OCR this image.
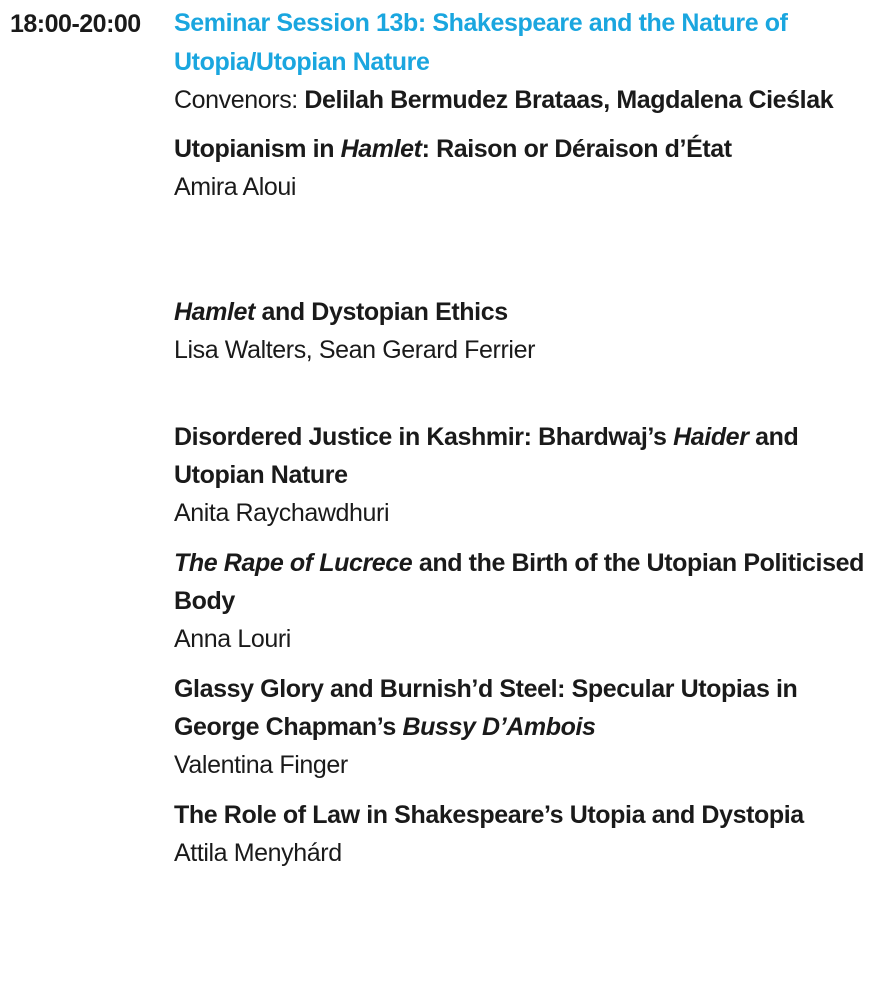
18:00-20:00 Seminar Session 13b: Shakespeare and the Nature of Utopia/Utopian Nature
Convenors: Delilah Bermudez Brataas, Magdalena Cieślak
Utopianism in Hamlet: Raison or Déraison d’État
Amira Aloui
Hamlet and Dystopian Ethics
Lisa Walters, Sean Gerard Ferrier
Disordered Justice in Kashmir: Bhardwaj’s Haider and Utopian Nature
Anita Raychawdhuri
The Rape of Lucrece and the Birth of the Utopian Politicised Body
Anna Louri
Glassy Glory and Burnish’d Steel: Specular Utopias in George Chapman’s Bussy D’Ambois
Valentina Finger
The Role of Law in Shakespeare’s Utopia and Dystopia
Attila Menyhárd
